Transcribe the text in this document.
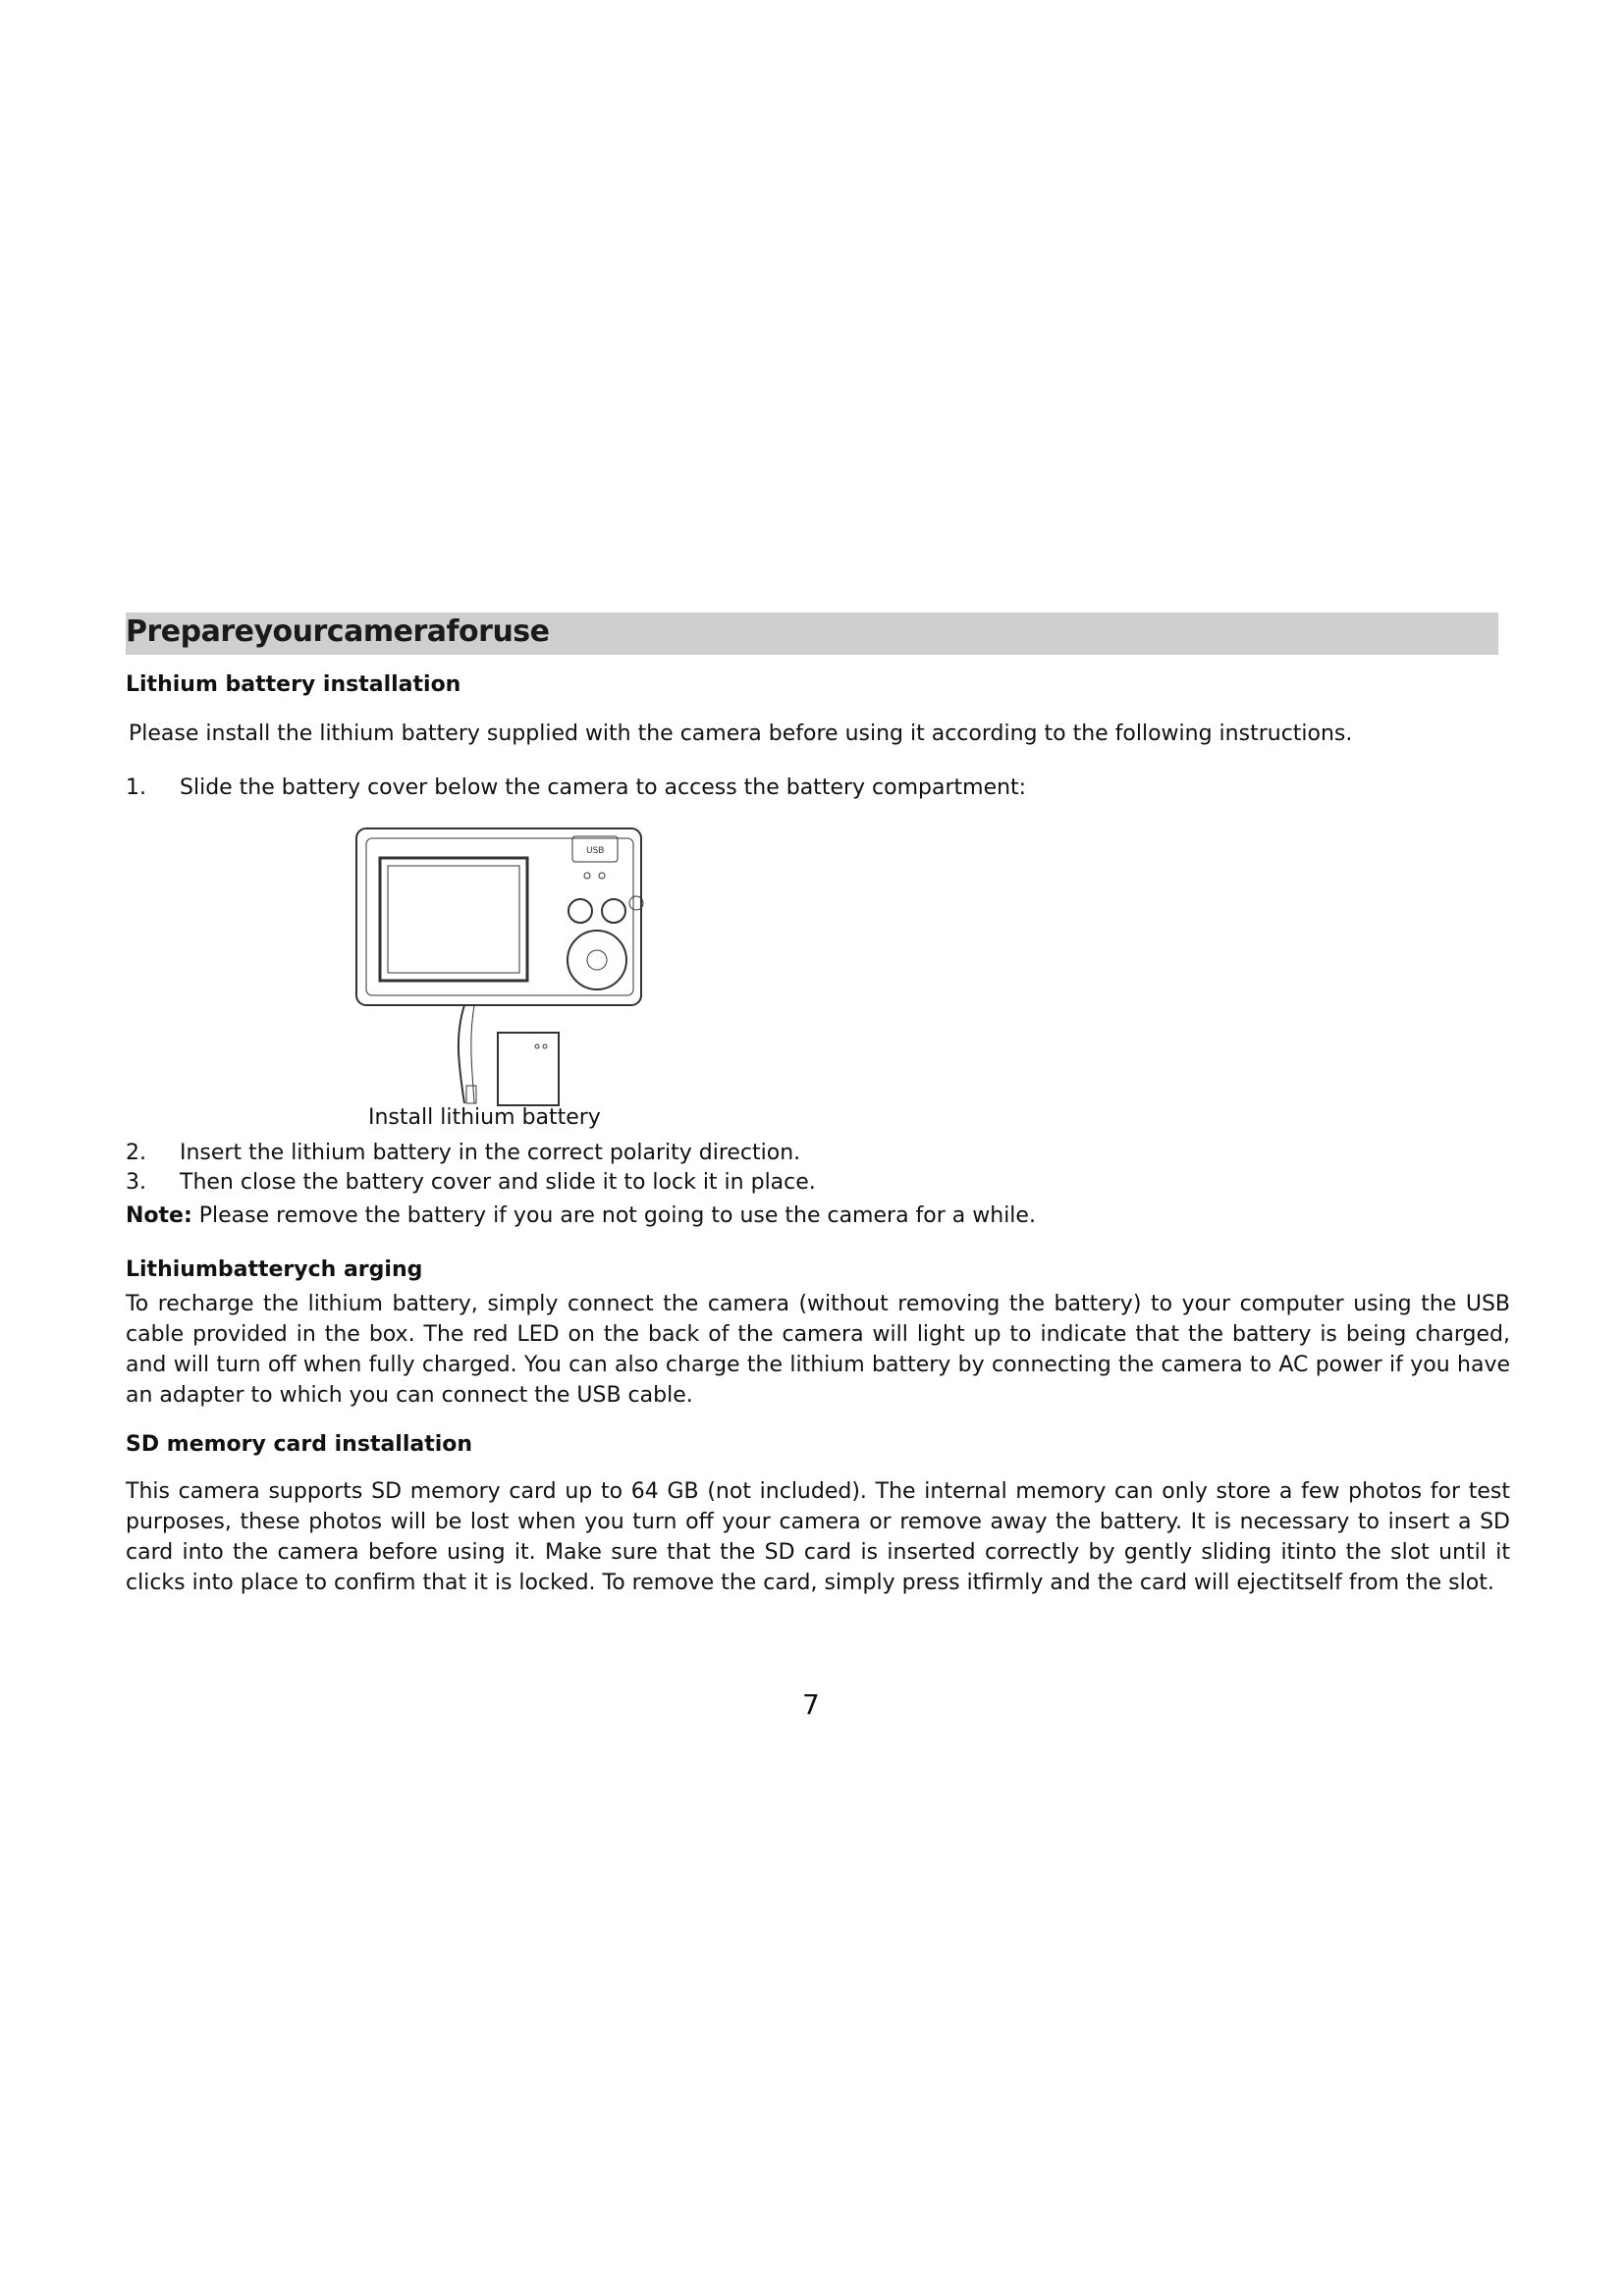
Prepareyourcameraforuse
Lithium battery installation
Please install the lithium battery supplied with the camera before using it according to the following instructions.
1. Slide the battery cover below the camera to access the battery compartment:
USB
Install lithium battery
2. Insert the lithium battery in the correct polarity direction.
3. Then close the battery cover and slide it to lock it in place.
Note: Please remove the battery if you are not going to use the camera for a while.
Lithiumbatterych arging

To recharge the lithium battery, simply connect the camera (without removing the battery) to your computer using the USB cable provided in the box. The red LED on the back of the camera will light up to indicate that the battery is being charged, and will turn off when fully charged. You can also charge the lithium battery by connecting the camera to AC power if you have an adapter to which you can connect the USB cable.

SD memory card installation

This camera supports SD memory card up to 64 GB (not included). The internal memory can only store a few photos for test purposes, these photos will be lost when you turn off your camera or remove away the battery. It is necessary to insert a SD card into the camera before using it. Make sure that the SD card is inserted correctly by gently sliding itinto the slot until it clicks into place to confirm that it is locked. To remove the card, simply press itfirmly and the card will ejectitself from the slot.

7
